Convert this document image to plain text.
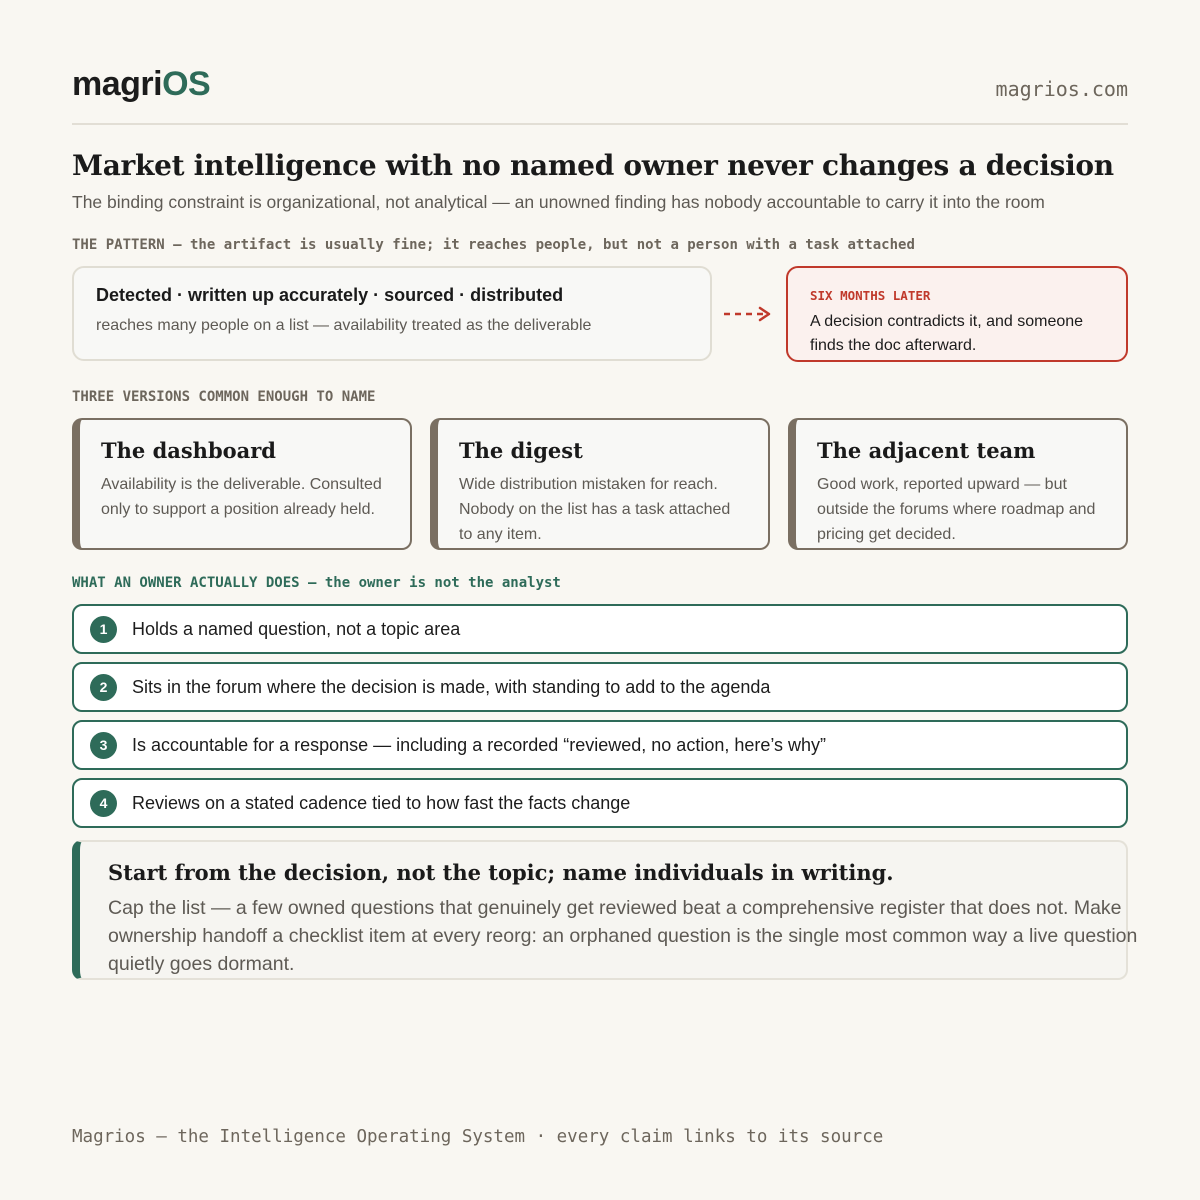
magriOS	magrios.com
Market intelligence with no named owner never changes a decision

The binding constraint is organizational, not analytical — an unowned finding has nobody accountable to carry it into the room

THE PATTERN — the artifact is usually fine; it reaches people, but not a person with a task attached
Detected · written up accurately · sourced · distributed
reaches many people on a list — availability treated as the deliverable
SIX MONTHS LATER
A decision contradicts it, and someone finds the doc afterward.
THREE VERSIONS COMMON ENOUGH TO NAME
The dashboard
Availability is the deliverable. Consulted only to support a position already held.
The digest
Wide distribution mistaken for reach. Nobody on the list has a task attached to any item.
The adjacent team
Good work, reported upward — but outside the forums where roadmap and pricing get decided.
WHAT AN OWNER ACTUALLY DOES — the owner is not the analyst
1	Holds a named question, not a topic area
2	Sits in the forum where the decision is made, with standing to add to the agenda
3	Is accountable for a response — including a recorded “reviewed, no action, here’s why”
4	Reviews on a stated cadence tied to how fast the facts change
Start from the decision, not the topic; name individuals in writing.
Cap the list — a few owned questions that genuinely get reviewed beat a comprehensive register that does not. Make ownership handoff a checklist item at every reorg: an orphaned question is the single most common way a live question quietly goes dormant.
Magrios — the Intelligence Operating System · every claim links to its source
